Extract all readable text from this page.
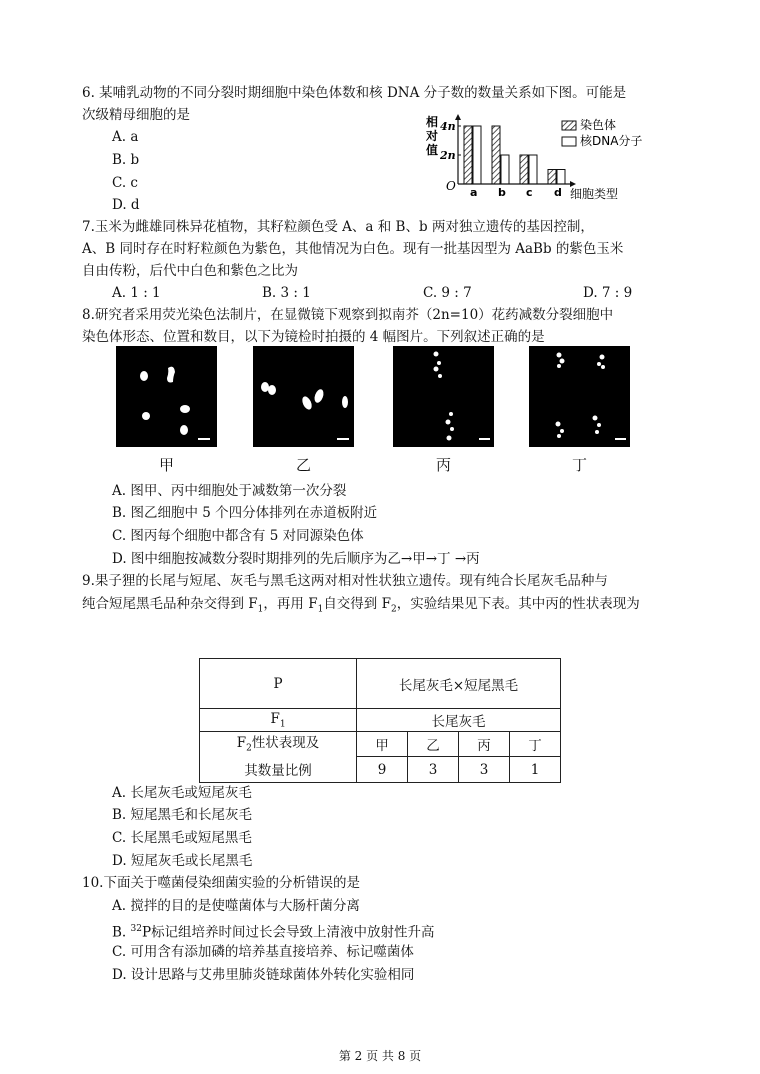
6. 某哺乳动物的不同分裂时期细胞中染色体数和核 DNA 分子数的数量关系如下图。可能是
次级精母细胞的是
A. a
B. b
C. c
D. d
相对值
4n
2n
a b c d
O
细胞类型
染色体
核DNA分子
7.玉米为雌雄同株异花植物，其籽粒颜色受 A、a 和 B、b 两对独立遗传的基因控制，
A、B 同时存在时籽粒颜色为紫色，其他情况为白色。现有一批基因型为 AaBb 的紫色玉米
自由传粉，后代中白色和紫色之比为
A. 1 : 1	B. 3 : 1	C. 9 : 7	D. 7 : 9
8.研究者采用荧光染色法制片，在显微镜下观察到拟南芥（2n=10）花药减数分裂细胞中
染色体形态、位置和数目，以下为镜检时拍摄的 4 幅图片。下列叙述正确的是
甲	乙	丙	丁
A. 图甲、丙中细胞处于减数第一次分裂
B. 图乙细胞中 5 个四分体排列在赤道板附近
C. 图丙每个细胞中都含有 5 对同源染色体
D. 图中细胞按减数分裂时期排列的先后顺序为乙→甲→丁 →丙
9.果子狸的长尾与短尾、灰毛与黑毛这两对相对性状独立遗传。现有纯合长尾灰毛品种与
纯合短尾黑毛品种杂交得到 $F_1$，再用 $F_1$自交得到 $F_2$，实验结果见下表。其中丙的性状表现为
P	长尾灰毛×短尾黑毛			
$F_1$	长尾灰毛			
$F_2$性状表现及
其数量比例	甲	乙	丙	丁
	9	3	3	1
A. 长尾灰毛或短尾灰毛
B. 短尾黑毛和长尾灰毛
C. 长尾黑毛或短尾黑毛
D. 短尾灰毛或长尾黑毛
10.下面关于噬菌侵染细菌实验的分析错误的是
A. 搅拌的目的是使噬菌体与大肠杆菌分离
B. $^{32}$P标记组培养时间过长会导致上清液中放射性升高
C. 可用含有添加磷的培养基直接培养、标记噬菌体
D. 设计思路与艾弗里肺炎链球菌体外转化实验相同
第 2 页 共 8 页
